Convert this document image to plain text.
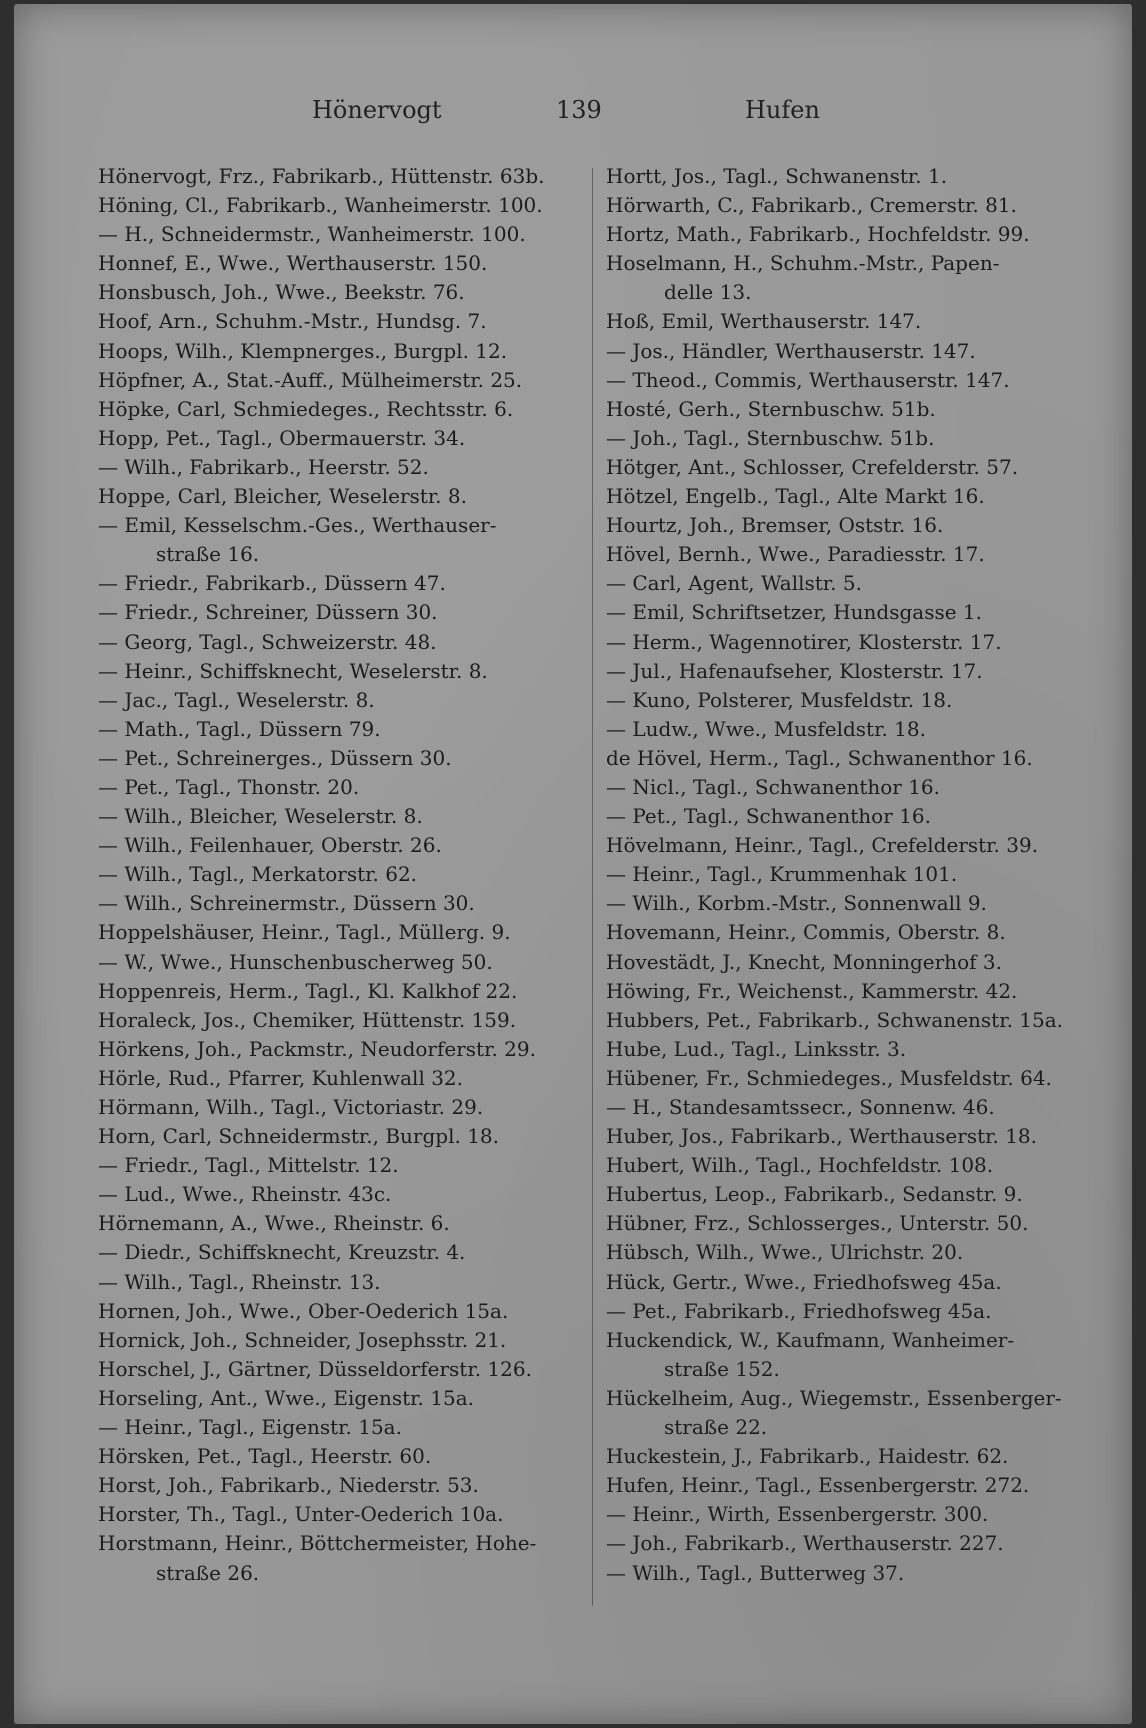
Hönervogt	139	Hufen
Hönervogt, Frz., Fabrikarb., Hüttenstr. 63b.
Höning, Cl., Fabrikarb., Wanheimerstr. 100.
— H., Schneidermstr., Wanheimerstr. 100.
Honnef, E., Wwe., Werthauserstr. 150.
Honsbusch, Joh., Wwe., Beekstr. 76.
Hoof, Arn., Schuhm.-Mstr., Hundsg. 7.
Hoops, Wilh., Klempnerges., Burgpl. 12.
Höpfner, A., Stat.-Auff., Mülheimerstr. 25.
Höpke, Carl, Schmiedeges., Rechtsstr. 6.
Hopp, Pet., Tagl., Obermauerstr. 34.
— Wilh., Fabrikarb., Heerstr. 52.
Hoppe, Carl, Bleicher, Weselerstr. 8.
— Emil, Kesselschm.-Ges., Werthauser-
straße 16.
— Friedr., Fabrikarb., Düssern 47.
— Friedr., Schreiner, Düssern 30.
— Georg, Tagl., Schweizerstr. 48.
— Heinr., Schiffsknecht, Weselerstr. 8.
— Jac., Tagl., Weselerstr. 8.
— Math., Tagl., Düssern 79.
— Pet., Schreinerges., Düssern 30.
— Pet., Tagl., Thonstr. 20.
— Wilh., Bleicher, Weselerstr. 8.
— Wilh., Feilenhauer, Oberstr. 26.
— Wilh., Tagl., Merkatorstr. 62.
— Wilh., Schreinermstr., Düssern 30.
Hoppelshäuser, Heinr., Tagl., Müllerg. 9.
— W., Wwe., Hunschenbuscherweg 50.
Hoppenreis, Herm., Tagl., Kl. Kalkhof 22.
Horaleck, Jos., Chemiker, Hüttenstr. 159.
Hörkens, Joh., Packmstr., Neudorferstr. 29.
Hörle, Rud., Pfarrer, Kuhlenwall 32.
Hörmann, Wilh., Tagl., Victoriastr. 29.
Horn, Carl, Schneidermstr., Burgpl. 18.
— Friedr., Tagl., Mittelstr. 12.
— Lud., Wwe., Rheinstr. 43c.
Hörnemann, A., Wwe., Rheinstr. 6.
— Diedr., Schiffsknecht, Kreuzstr. 4.
— Wilh., Tagl., Rheinstr. 13.
Hornen, Joh., Wwe., Ober-Oederich 15a.
Hornick, Joh., Schneider, Josephsstr. 21.
Horschel, J., Gärtner, Düsseldorferstr. 126.
Horseling, Ant., Wwe., Eigenstr. 15a.
— Heinr., Tagl., Eigenstr. 15a.
Hörsken, Pet., Tagl., Heerstr. 60.
Horst, Joh., Fabrikarb., Niederstr. 53.
Horster, Th., Tagl., Unter-Oederich 10a.
Horstmann, Heinr., Böttchermeister, Hohe-
straße 26.
Hortt, Jos., Tagl., Schwanenstr. 1.
Hörwarth, C., Fabrikarb., Cremerstr. 81.
Hortz, Math., Fabrikarb., Hochfeldstr. 99.
Hoselmann, H., Schuhm.-Mstr., Papen-
delle 13.
Hoß, Emil, Werthauserstr. 147.
— Jos., Händler, Werthauserstr. 147.
— Theod., Commis, Werthauserstr. 147.
Hosté, Gerh., Sternbuschw. 51b.
— Joh., Tagl., Sternbuschw. 51b.
Hötger, Ant., Schlosser, Crefelderstr. 57.
Hötzel, Engelb., Tagl., Alte Markt 16.
Hourtz, Joh., Bremser, Oststr. 16.
Hövel, Bernh., Wwe., Paradiesstr. 17.
— Carl, Agent, Wallstr. 5.
— Emil, Schriftsetzer, Hundsgasse 1.
— Herm., Wagennotirer, Klosterstr. 17.
— Jul., Hafenaufseher, Klosterstr. 17.
— Kuno, Polsterer, Musfeldstr. 18.
— Ludw., Wwe., Musfeldstr. 18.
de Hövel, Herm., Tagl., Schwanenthor 16.
— Nicl., Tagl., Schwanenthor 16.
— Pet., Tagl., Schwanenthor 16.
Hövelmann, Heinr., Tagl., Crefelderstr. 39.
— Heinr., Tagl., Krummenhak 101.
— Wilh., Korbm.-Mstr., Sonnenwall 9.
Hovemann, Heinr., Commis, Oberstr. 8.
Hovestädt, J., Knecht, Monningerhof 3.
Höwing, Fr., Weichenst., Kammerstr. 42.
Hubbers, Pet., Fabrikarb., Schwanenstr. 15a.
Hube, Lud., Tagl., Linksstr. 3.
Hübener, Fr., Schmiedeges., Musfeldstr. 64.
— H., Standesamtssecr., Sonnenw. 46.
Huber, Jos., Fabrikarb., Werthauserstr. 18.
Hubert, Wilh., Tagl., Hochfeldstr. 108.
Hubertus, Leop., Fabrikarb., Sedanstr. 9.
Hübner, Frz., Schlosserges., Unterstr. 50.
Hübsch, Wilh., Wwe., Ulrichstr. 20.
Hück, Gertr., Wwe., Friedhofsweg 45a.
— Pet., Fabrikarb., Friedhofsweg 45a.
Huckendick, W., Kaufmann, Wanheimer-
straße 152.
Hückelheim, Aug., Wiegemstr., Essenberger-
straße 22.
Huckestein, J., Fabrikarb., Haidestr. 62.
Hufen, Heinr., Tagl., Essenbergerstr. 272.
— Heinr., Wirth, Essenbergerstr. 300.
— Joh., Fabrikarb., Werthauserstr. 227.
— Wilh., Tagl., Butterweg 37.
